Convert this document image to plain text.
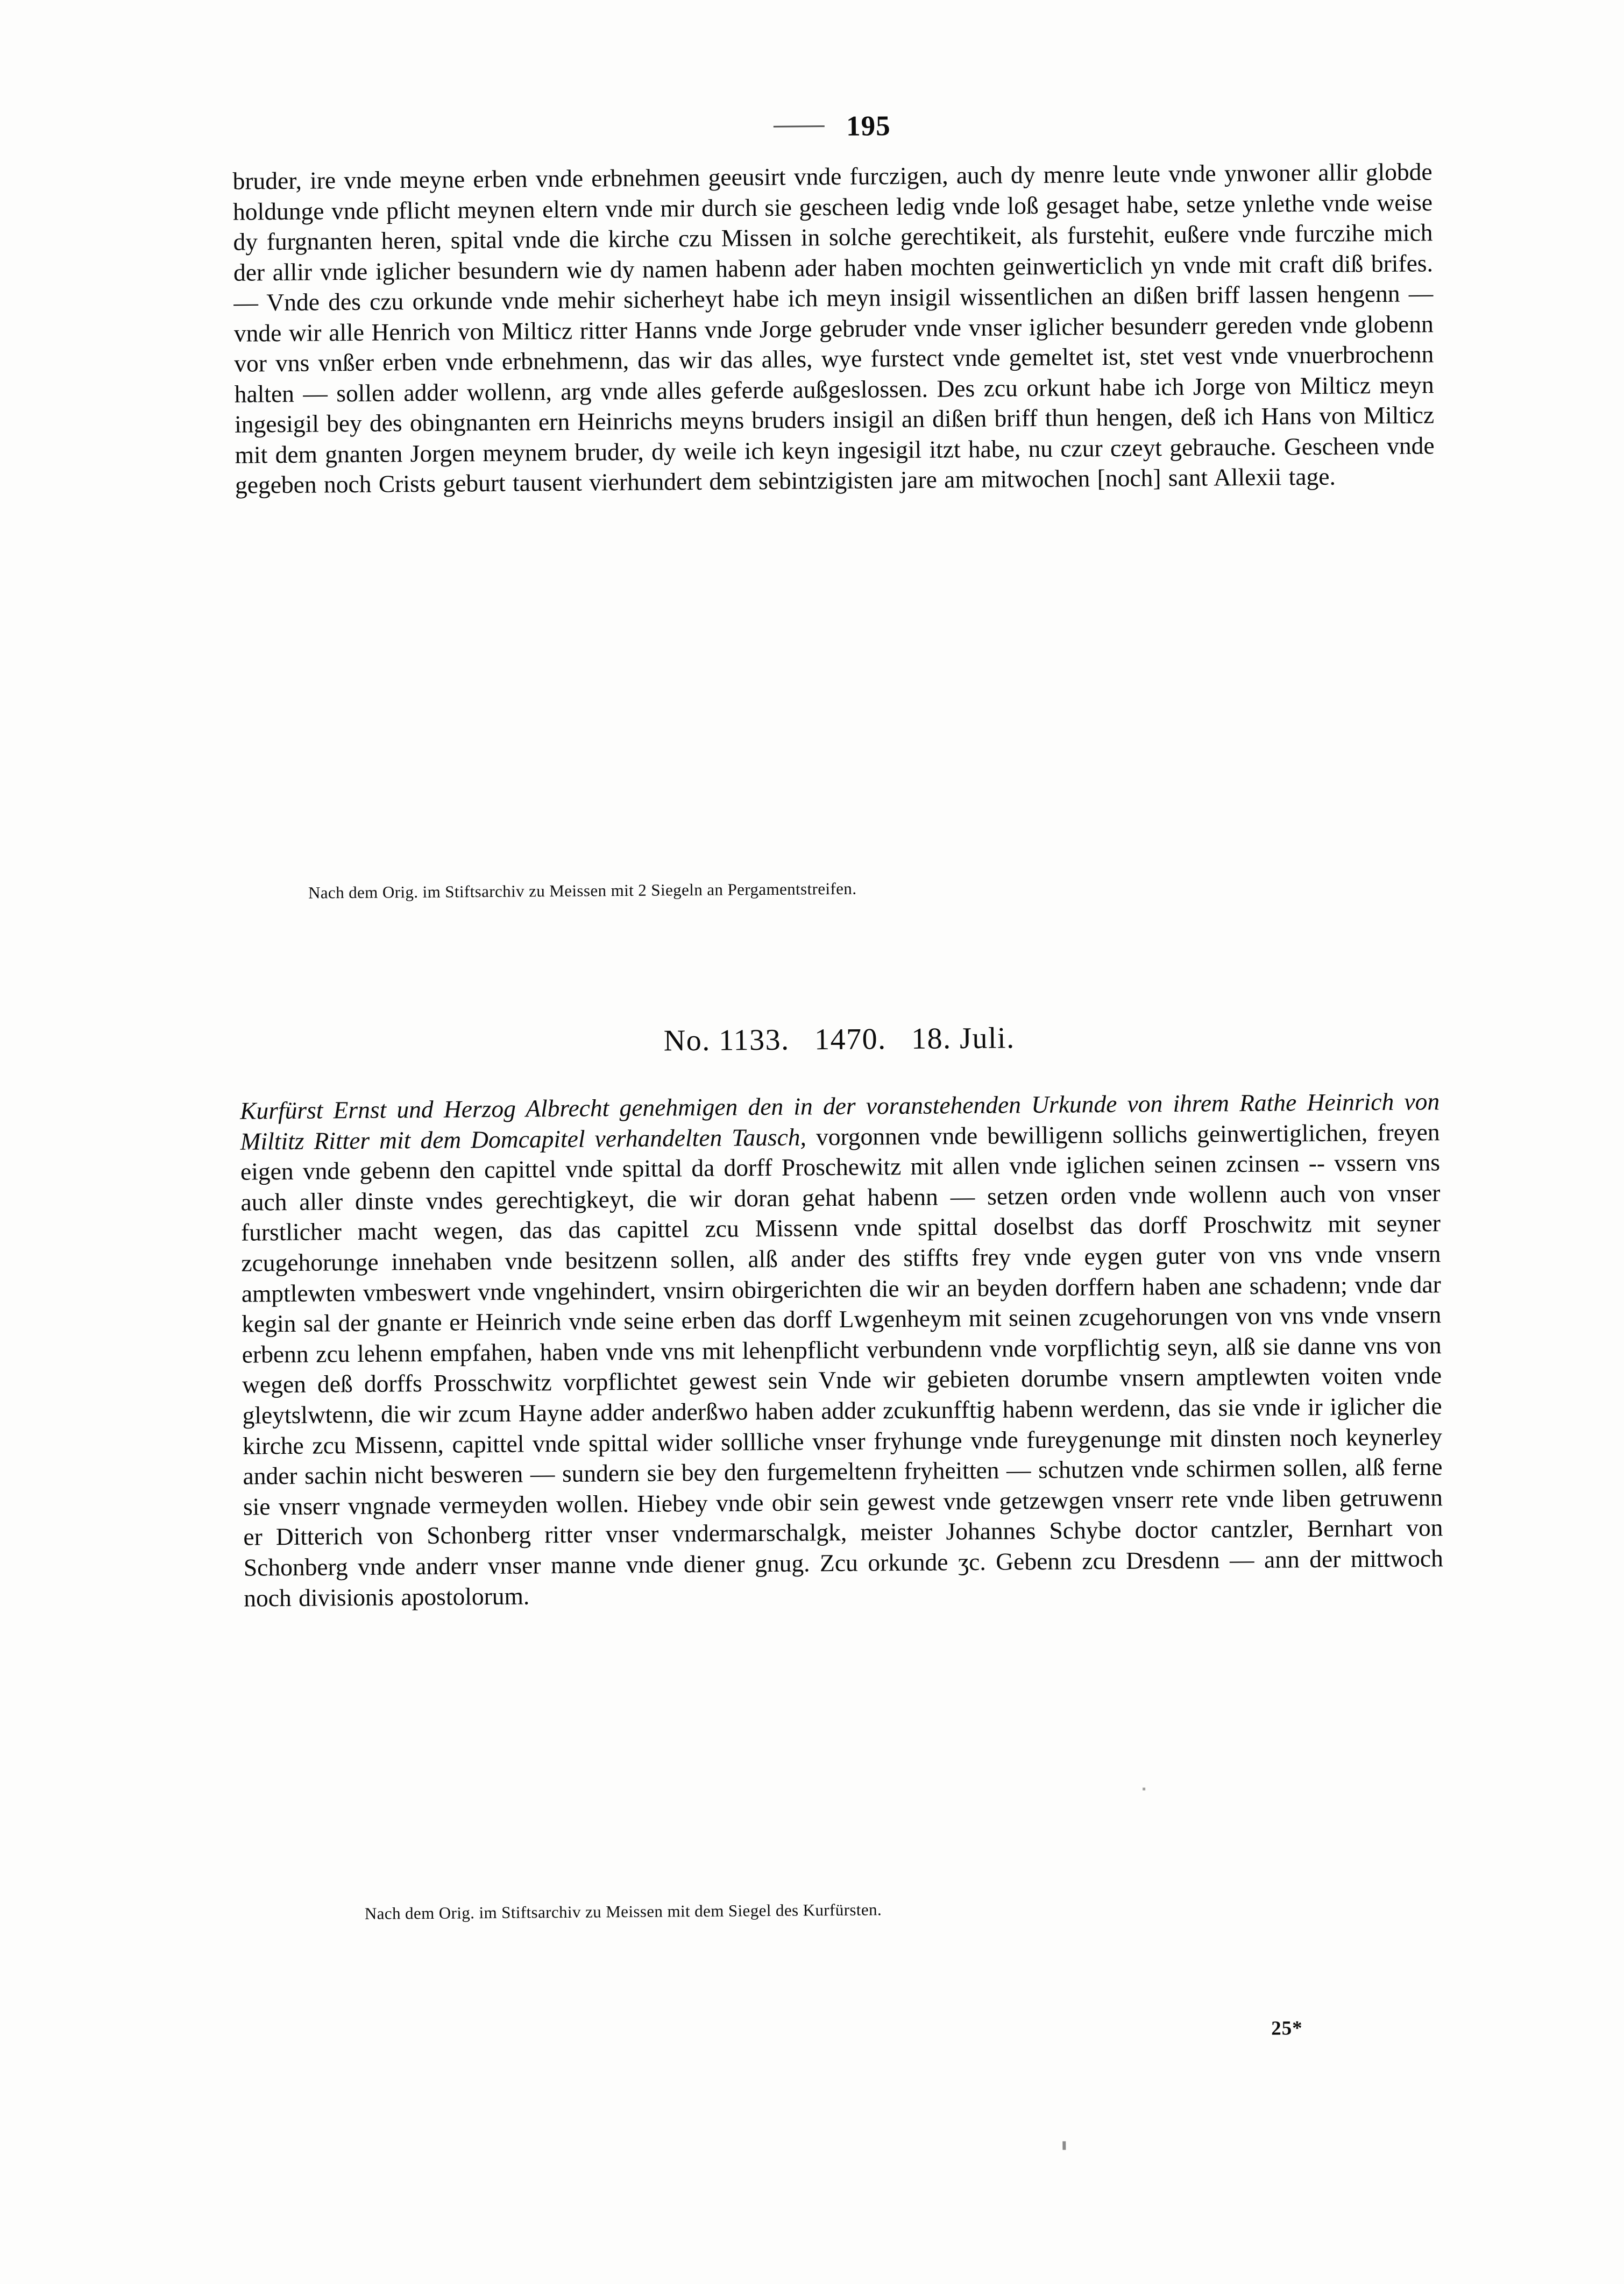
195
bruder, ire vnde meyne erben vnde erbnehmen geeusirt vnde furczigen, auch dy menre leute vnde ynwoner allir globde holdunge vnde pflicht meynen eltern vnde mir durch sie gescheen ledig vnde loß gesaget habe, setze ynlethe vnde weise dy furgnanten heren, spital vnde die kirche czu Missen in solche gerechtikeit, als furstehit, eußere vnde furczihe mich der allir vnde iglicher besundern wie dy namen habenn ader haben mochten geinwerticlich yn vnde mit craft diß brifes. — Vnde des czu orkunde vnde mehir sicherheyt habe ich meyn insigil wissentlichen an dißen briff lassen hengenn — vnde wir alle Henrich von Milticz ritter Hanns vnde Jorge gebruder vnde vnser iglicher besunderr gereden vnde globenn vor vns vnßer erben vnde erbnehmenn, das wir das alles, wye furstect vnde gemeltet ist, stet vest vnde vnuerbrochenn halten — sollen adder wollenn, arg vnde alles geferde außgeslossen. Des zcu orkunt habe ich Jorge von Milticz meyn ingesigil bey des obingnanten ern Heinrichs meyns bruders insigil an dißen briff thun hengen, deß ich Hans von Milticz mit dem gnanten Jorgen meynem bruder, dy weile ich keyn ingesigil itzt habe, nu czur czeyt gebrauche. Gescheen vnde gegeben noch Crists geburt tausent vierhundert dem sebintzigisten jare am mitwochen [noch] sant Allexii tage.
Nach dem Orig. im Stiftsarchiv zu Meissen mit 2 Siegeln an Pergamentstreifen.
No. 1133.   1470.   18. Juli.
Kurfürst Ernst und Herzog Albrecht genehmigen den in der voranstehenden Urkunde von ihrem Rathe Heinrich von Miltitz Ritter mit dem Domcapitel verhandelten Tausch, vorgonnen vnde bewilligenn sollichs geinwertiglichen, freyen eigen vnde gebenn den capittel vnde spittal da dorff Proschewitz mit allen vnde iglichen seinen zcinsen -- vssern vns auch aller dinste vndes gerechtigkeyt, die wir doran gehat habenn — setzen orden vnde wollenn auch von vnser furstlicher macht wegen, das das capittel zcu Missenn vnde spittal doselbst das dorff Proschwitz mit seyner zcugehorunge innehaben vnde besitzenn sollen, alß ander des stiffts frey vnde eygen guter von vns vnde vnsern amptlewten vmbeswert vnde vngehindert, vnsirn obirgerichten die wir an beyden dorffern haben ane schadenn; vnde dar kegin sal der gnante er Heinrich vnde seine erben das dorff Lwgenheym mit seinen zcugehorungen von vns vnde vnsern erbenn zcu lehenn empfahen, haben vnde vns mit lehenpflicht verbundenn vnde vorpflichtig seyn, alß sie danne vns von wegen deß dorffs Prosschwitz vorpflichtet gewest sein Vnde wir gebieten dorumbe vnsern amptlewten voiten vnde gleytslwtenn, die wir zcum Hayne adder anderßwo haben adder zcukunfftig habenn werdenn, das sie vnde ir iglicher die kirche zcu Missenn, capittel vnde spittal wider sollliche vnser fryhunge vnde fureygenunge mit dinsten noch keynerley ander sachin nicht besweren — sundern sie bey den furgemeltenn fryheitten — schutzen vnde schirmen sollen, alß ferne sie vnserr vngnade vermeyden wollen. Hiebey vnde obir sein gewest vnde getzewgen vnserr rete vnde liben getruwenn er Ditterich von Schonberg ritter vnser vndermarschalgk, meister Johannes Schybe doctor cantzler, Bernhart von Schonberg vnde anderr vnser manne vnde diener gnug. Zcu orkunde ʒc. Gebenn zcu Dresdenn — ann der mittwoch noch divisionis apostolorum.
Nach dem Orig. im Stiftsarchiv zu Meissen mit dem Siegel des Kurfürsten.
25*
